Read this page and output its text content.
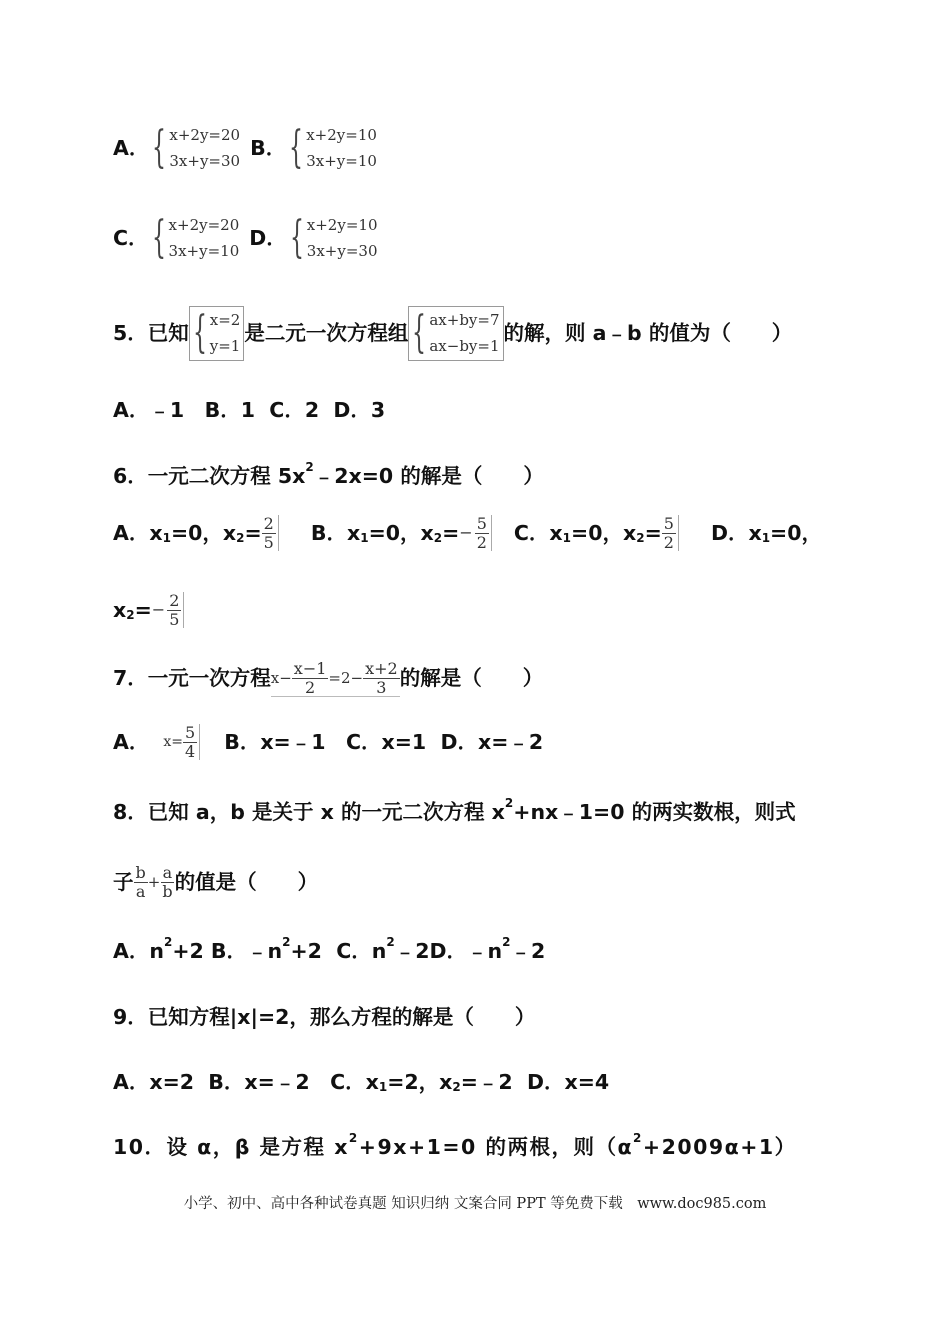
A． { x+2y=20
3x+y=30
B． { x+2y=10
3x+y=10
C． { x+2y=20
3x+y=10
D． { x+2y=10
3x+y=30
5．已知 { x=2
y=1
是二元一次方程组 { ax+by=7
ax−by=1
的解，则 a﹣b 的值为（　　）
A．﹣1　B．1  C．2  D．3
6．一元二次方程 $5x^2$ ﹣2x=0 的解是（　　）
A．$x_1 =0$，$x_2 = \frac{2}{5}$ B．$x_1 =0$，$x_2$ = − $\frac{5}{2}$ C．$x_1 =0$，$x_2 = \frac{5}{2}$ D．$x_1 =0$，
$x_2$ = − $\frac{2}{5}$
7．一元一次方程 $x- \frac{x-1}{2} =2- \frac{x+2}{3}$ 的解是（　　）
A． $x= \frac{5}{4}$ B．x=﹣1　C．x=1  D．x=﹣2
8．已知 a，b 是关于 x 的一元二次方程 $x^2$ +nx﹣1=0 的两实数根，则式
子 $\frac{b}{a} + \frac{a}{b}$ 的值是（　　）
A．$n^2 +2$ B．$﹣n^2 +2$  C．$n^2$ ﹣2D．$﹣n^2$ ﹣2
9．已知方程|x|=2，那么方程的解是（　　）
A．x=2  B．x=﹣2　C．$x_1 =2$，$x_2$ =﹣2  D．x=4
10．设 α，β 是方程 $x^2 +9x+1=0$ 的两根，则$(\alpha^2 +2009\alpha+1)$
小学、初中、高中各种试卷真题 知识归纳 文案合同 PPT 等免费下载　www.doc985.com
